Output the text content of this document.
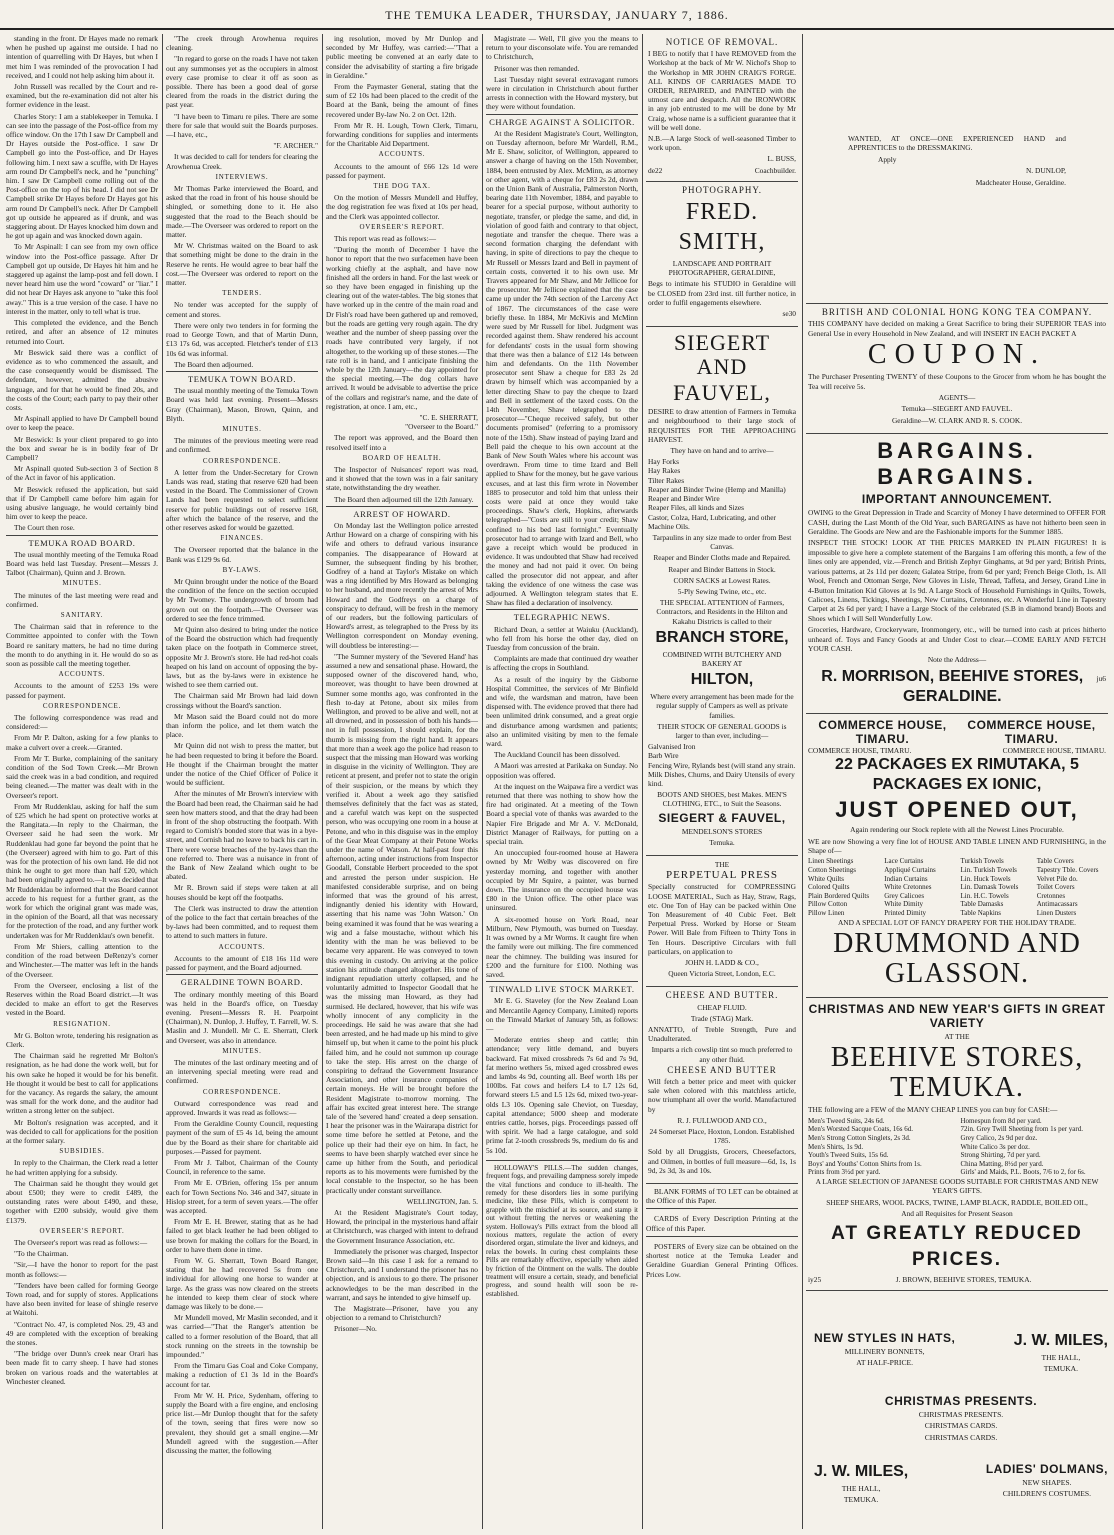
THE TEMUKA LEADER, THURSDAY, JANUARY 7, 1886.

standing in the front. Dr Hayes made no remark when he pushed up against me outside. I had no intention of quarrelling with Dr Hayes, but when I met him I was reminded of the provocation I had received, and I could not help asking him about it.

John Russell was recalled by the Court and re-examined, but the re-examination did not alter his former evidence in the least.

Charles Story: I am a stablekeeper in Temuka. I can see into the passage of the Post-office from my office window. On the 17th I saw Dr Campbell and Dr Hayes outside the Post-office. I saw Dr Campbell go into the Post-office, and Dr Hayes following him. I next saw a scuffle, with Dr Hayes arm round Dr Campbell's neck, and he "punching" him. I saw Dr Campbell come rolling out of the Post-office on the top of his head. I did not see Dr Campbell strike Dr Hayes before Dr Hayes got his arm round Dr Campbell's neck. After Dr Campbell got up outside he appeared as if drunk, and was staggering about. Dr Hayes knocked him down and he got up again and was knocked down again.

To Mr Aspinall: I can see from my own office window into the Post-office passage. After Dr Campbell got up outside, Dr Hayes hit him and he staggered up against the lamp-post and fell down. I never heard him use the word "coward" or "liar." I did not hear Dr Hayes ask anyone to "take this fool away." This is a true version of the case. I have no interest in the matter, only to tell what is true.

This completed the evidence, and the Bench retired, and after an absence of 12 minutes returned into Court.

Mr Beswick said there was a conflict of evidence as to who commenced the assault, and the case consequently would be dismissed. The defendant, however, admitted the abusive language, and for that he would be fined 20s, and the costs of the Court; each party to pay their other costs.

Mr Aspinall applied to have Dr Campbell bound over to keep the peace.

Mr Beswick: Is your client prepared to go into the box and swear he is in bodily fear of Dr Campbell?

Mr Aspinall quoted Sub-section 3 of Section 8 of the Act in favor of his application.

Mr Beswick refused the application, but said that if Dr Campbell came before him again for using abusive language, he would certainly bind him over to keep the peace.

The Court then rose.

TEMUKA ROAD BOARD.

The usual monthly meeting of the Temuka Road Board was held last Tuesday. Present—Messrs J. Talbot (Chairman), Quinn and J. Brown.

MINUTES.

The minutes of the last meeting were read and confirmed.

SANITARY.

The Chairman said that in reference to the Committee appointed to confer with the Town Board re sanitary matters, he had no time during the month to do anything in it. He would do so as soon as possible call the meeting together.

ACCOUNTS.

Accounts to the amount of £253 19s were passed for payment.

CORRESPONDENCE.

The following correspondence was read and considered:—

From Mr P. Dalton, asking for a few planks to make a culvert over a creek.—Granted.

From Mr T. Burke, complaining of the sanitary condition of the Sod Town Creek.—Mr Brown said the creek was in a bad condition, and required being cleaned.—The matter was dealt with in the Overseer's report.

From Mr Ruddenklau, asking for half the sum of £25 which he had spent on protective works at the Rangitata.—In reply to the Chairman, the Overseer said he had seen the work. Mr Ruddenklau had gone far beyond the point that he (the Overseer) agreed with him to go. Part of this was for the protection of his own land. He did not think he ought to get more than half £20, which had been originally agreed to.—It was decided that Mr Ruddenklau be informed that the Board cannot accede to his request for a further grant, as the work for which the original grant was made was, in the opinion of the Board, all that was necessary for the protection of the road, and any further work undertaken was for Mr Ruddenklau's own benefit.

From Mr Shiers, calling attention to the condition of the road between DeRenzy's corner and Winchester.—The matter was left in the hands of the Overseer.

From the Overseer, enclosing a list of the Reserves within the Road Board district.—It was decided to make an effort to get the Reserves vested in the Board.

RESIGNATION.

Mr G. Bolton wrote, tendering his resignation as Clerk.

The Chairman said he regretted Mr Bolton's resignation, as he had done the work well, but for his own sake he hoped it would be for his benefit. He thought it would be best to call for applications for the vacancy. As regards the salary, the amount was small for the work done, and the auditor had written a strong letter on the subject.

Mr Bolton's resignation was accepted, and it was decided to call for applications for the position at the former salary.

SUBSIDIES.

In reply to the Chairman, the Clerk read a letter he had written applying for a subsidy.

The Chairman said he thought they would get about £500; they were to credit £489, the outstanding rates were about £490, and these, together with £200 subsidy, would give them £1379.

OVERSEER'S REPORT.

The Overseer's report was read as follows:—

"To the Chairman.

"Sir,—I have the honor to report for the past month as follows:—

"Tenders have been called for forming George Town road, and for supply of stores. Applications have also been invited for lease of shingle reserve at Waitohi.

"Contract No. 47, is completed Nos. 29, 43 and 49 are completed with the exception of breaking the stones.

"The bridge over Dunn's creek near Orari has been made fit to carry sheep. I have had stones broken on various roads and the watertables at Winchester cleaned.

"The creek through Arowhenua requires cleaning.

"In regard to gorse on the roads I have not taken out any summonses yet as the occupiers in almost every case promise to clear it off as soon as possible. There has been a good deal of gorse cleared from the roads in the district during the past year.

"I have been to Timaru re piles. There are some there for sale that would suit the Boards purposes.—I have, etc.,

"F. ARCHER."

It was decided to call for tenders for clearing the Arowhenua Creek.

INTERVIEWS.

Mr Thomas Parke interviewed the Board, and asked that the road in front of his house should be shingled, or something done to it. He also suggested that the road to the Beach should be made.—The Overseer was ordered to report on the matter.

Mr W. Christmas waited on the Board to ask that something might be done to the drain in the Reserve he rents. He would agree to bear half the cost.—The Overseer was ordered to report on the matter.

TENDERS.

No tender was accepted for the supply of cement and stores.

There were only two tenders in for forming the road to George Town, and that of Martin Dunn, £13 17s 6d, was accepted. Fletcher's tender of £13 10s 6d was informal.

The Board then adjourned.

TEMUKA TOWN BOARD.

The usual monthly meeting of the Temuka Town Board was held last evening. Present—Messrs Gray (Chairman), Mason, Brown, Quinn, and Blyth.

MINUTES.

The minutes of the previous meeting were read and confirmed.

CORRESPONDENCE.

A letter from the Under-Secretary for Crown Lands was read, stating that reserve 620 had been vested in the Board. The Commissioner of Crown Lands had been requested to select sufficient reserve for public buildings out of reserve 168, after which the balance of the reserve, and the other reserves asked for would be gazetted.

FINANCES.

The Overseer reported that the balance in the Bank was £129 9s 6d.

BY-LAWS.

Mr Quinn brought under the notice of the Board the condition of the fence on the section occupied by Mr Twomey. The undergrowth of broom had grown out on the footpath.—The Overseer was ordered to see the fence trimmed.

Mr Quinn also desired to bring under the notice of the Board the obstruction which had frequently taken place on the footpath in Commerce street, opposite Mr J. Brown's store. He had red-hot coals heaped on his land on account of opposing the by-laws, but as the by-laws were in existence he wished to see them carried out.

The Chairman said Mr Brown had laid down crossings without the Board's sanction.

Mr Mason said the Board could not do more than inform the police, and let them watch the place.

Mr Quinn did not wish to press the matter, but he had been requested to bring it before the Board. He thought if the Chairman brought the matter under the notice of the Chief Officer of Police it would be sufficient.

After the minutes of Mr Brown's interview with the Board had been read, the Chairman said he had seen how matters stood, and that the dray had been in front of the shop obstructing the footpath. With regard to Cornish's bonded store that was in a bye-street, and Cornish had no leave to back his cart in. There were worse breaches of the by-laws than the one referred to. There was a nuisance in front of the Bank of New Zealand which ought to be abated.

Mr R. Brown said if steps were taken at all houses should be kept off the footpaths.

The Clerk was instructed to draw the attention of the police to the fact that certain breaches of the by-laws had been committed, and to request them to attend to such matters in future.

ACCOUNTS.

Accounts to the amount of £18 16s 11d were passed for payment, and the Board adjourned.

GERALDINE TOWN BOARD.

The ordinary monthly meeting of this Board was held in the Board's office, on Tuesday evening. Present—Messrs R. H. Pearpoint (Chairman), N. Dunlop, J. Huffey, T. Farrell, W. S. Maslin and J. Mundell. Mr C. E. Sherratt, Clerk and Overseer, was also in attendance.

MINUTES.

The minutes of the last ordinary meeting and of an intervening special meeting were read and confirmed.

CORRESPONDENCE.

Outward correspondence was read and approved. Inwards it was read as follows:—

From the Geraldine County Council, requesting payment of the sum of £5 4s 1d, being the amount due by the Board as their share for charitable aid purposes.—Passed for payment.

From Mr J. Talbot, Chairman of the County Council, in reference to the same.

From Mr E. O'Brien, offering 15s per annum each for Town Sections No. 346 and 347, situate in Hislop street, for a term of seven years.—The offer was accepted.

From Mr E. H. Brewer, stating that as he had failed to get black leather he had been obliged to use brown for making the collars for the Board, in order to have them done in time.

From W. G. Sherratt, Town Board Ranger, stating that he had recovered 5s from one individual for allowing one horse to wander at large. As the grass was now cleared on the streets he intended to keep them clear of stock where damage was likely to be done.—

Mr Mundell moved, Mr Maslin seconded, and it was carried—"That the Ranger's attention be called to a former resolution of the Board, that all stock running on the streets in the township be impounded."

From the Timaru Gas Coal and Coke Company, making a reduction of £1 3s 1d in the Board's account for tar.

From Mr W. H. Price, Sydenham, offering to supply the Board with a fire engine, and enclosing price list.—Mr Dunlop thought that for the safety of the town, seeing that fires were now so prevalent, they should get a small engine.—Mr Mundell agreed with the suggestion.—After discussing the matter, the following

ing resolution, moved by Mr Dunlop and seconded by Mr Huffey, was carried:—"That a public meeting be convened at an early date to consider the advisability of starting a fire brigade in Geraldine."

From the Paymaster General, stating that the sum of £2 10s had been placed to the credit of the Board at the Bank, being the amount of fines recovered under By-law No. 2 on Oct. 12th.

From Mr R. H. Lough, Town Clerk, Timaru, forwarding conditions for supplies and interments for the Charitable Aid Department.

ACCOUNTS.

Accounts to the amount of £66 12s 1d were passed for payment.

THE DOG TAX.

On the motion of Messrs Mundell and Huffey, the dog registration fee was fixed at 10s per head, and the Clerk was appointed collector.

OVERSEER'S REPORT.

This report was read as follows:—

"During the month of December I have the honor to report that the two surfacemen have been working chiefly at the asphalt, and have now finished all the orders in hand. For the last week or so they have been engaged in finishing up the clearing out of the water-tables. The big stones that have worked up in the centre of the main road and Dr Fish's road have been gathered up and removed, but the roads are getting very rough again. The dry weather and the number of sheep passing over the roads have contributed very largely, if not altogether, to the working up of these stones.—The rate roll is in hand, and I anticipate finishing the whole by the 12th January—the day appointed for the special meeting.—The dog collars have arrived. It would be advisable to advertise the price of the collars and registrar's name, and the date of registration, at once. I am, etc.,

"C. E. SHERRATT,
"Overseer to the Board."

The report was approved, and the Board then resolved itself into a

BOARD OF HEALTH.

The Inspector of Nuisances' report was read, and it showed that the town was in a fair sanitary state, notwithstanding the dry weather.

The Board then adjourned till the 12th January.

ARREST OF HOWARD.

On Monday last the Wellington police arrested Arthur Howard on a charge of conspiring with his wife and others to defraud various insurance companies. The disappearance of Howard at Sumner, the subsequent finding by his brother, Godfrey of a hand at Taylor's Mistake on which was a ring identified by Mrs Howard as belonging to her husband, and more recently the arrest of Mrs Howard and the Godfreys on a charge of conspiracy to defraud, will be fresh in the memory of our readers, but the following particulars of Howard's arrest, as telegraphed to the Press by its Wellington correspondent on Monday evening, will doubtless be interesting:—

"The Sumner mystery of the 'Severed Hand' has assumed a new and sensational phase. Howard, the supposed owner of the discovered hand, who, moreover, was thought to have been drowned at Sumner some months ago, was confronted in the flesh to-day at Petone, about six miles from Wellington, and proved to be alive and well, not at all drowned, and in possession of both his hands—not in full possession, I should explain, for the thumb is missing from the right hand. It appears that more than a week ago the police had reason to suspect that the missing man Howard was working in disguise in the vicinity of Wellington. They are reticent at present, and prefer not to state the origin of their suspicion, or the means by which they verified it. About a week ago they satisfied themselves definitely that the fact was as stated, and a careful watch was kept on the suspected person, who was occupying one room in a house at Petone, and who in this disguise was in the employ of the Gear Meat Company at their Petone Works under the name of Watson. At half-past four this afternoon, acting under instructions from Inspector Goodall, Constable Herbert proceeded to the spot and arrested the person under suspicion. He manifested considerable surprise, and on being informed that was the ground of his arrest, indignantly denied his identity with Howard, asserting that his name was 'John Watson.' On being examined it was found that he was wearing a wig and a false moustache, without which his identity with the man he was believed to be became very apparent. He was conveyed to town this evening in custody. On arriving at the police station his attitude changed altogether. His tone of indignant repudiation utterly collapsed, and he voluntarily admitted to Inspector Goodall that he was the missing man Howard, as they had surmised. He declared, however, that his wife was wholly innocent of any complicity in the proceedings. He said he was aware that she had been arrested, and he had made up his mind to give himself up, but when it came to the point his pluck failed him, and he could not summon up courage to take the step. His arrest on the charge of conspiring to defraud the Government Insurance Association, and other insurance companies of certain moneys. He will be brought before the Resident Magistrate to-morrow morning. The affair has excited great interest here. The strange tale of the 'severed hand' created a deep sensation. I hear the prisoner was in the Wairarapa district for some time before he settled at Petone, and the police up their had their eye on him. In fact, he seems to have been sharply watched ever since he came up hither from the South, and periodical reports as to his movements were furnished by the local constable to the Inspector, so he has been practically under constant surveillance.

WELLINGTON, Jan. 5.

At the Resident Magistrate's Court today, Howard, the principal in the mysterious hand affair at Christchurch, was charged with intent to defraud the Government Insurance Association, etc.

Immediately the prisoner was charged, Inspector Brown said—In this case I ask for a remand to Christchurch, and I understand the prisoner has no objection, and is anxious to go there. The prisoner acknowledges to be the man described in the warrant, and says he intended to give himself up.

The Magistrate—Prisoner, have you any objection to a remand to Christchurch?

Prisoner—No.

Magistrate — Well, I'll give you the means to return to your disconsolate wife. You are remanded to Christchurch,

Prisoner was then remanded.

Last Tuesday night several extravagant rumors were in circulation in Christchurch about further arrests in connection with the Howard mystery, but they were without foundation.

CHARGE AGAINST A SOLICITOR.

At the Resident Magistrate's Court, Wellington, on Tuesday afternoon, before Mr Wardell, R.M., Mr E. Shaw, solicitor, of Wellington, appeared to answer a charge of having on the 15th November, 1884, been entrusted by Alex. McMinn, as attorney or other agent, with a cheque for £83 2s 2d, drawn on the Union Bank of Australia, Palmerston North, bearing date 11th November, 1884, and payable to bearer for a special purpose, without authority to negotiate, transfer, or pledge the same, and did, in violation of good faith and contrary to that object, negotiate and transfer the cheque. There was a second formation charging the defendant with having, in spite of directions to pay the cheque to Mr Russell or Messrs Izard and Bell in payment of certain costs, converted it to his own use. Mr Travers appeared for Mr Shaw, and Mr Jellicoe for the prosecutor. Mr Jellicoe explained that the case came up under the 74th section of the Larceny Act of 1867. The circumstances of the case were briefly these. In 1884, Mr McKivis and McMinn were sued by Mr Russell for libel. Judgment was recorded against them. Shaw rendered his account for defendants' costs in the usual form showing that there was then a balance of £12 14s between him and defendants. On the 11th November prosecutor sent Shaw a cheque for £83 2s 2d drawn by himself which was accompanied by a letter directing Shaw to pay the cheque to Izard and Bell in settlement of the taxed costs. On the 14th November, Shaw telegraphed to the prosecutor—"Cheque received safely, but other documents promised" (referring to a promissory note of the 15th). Shaw instead of paying Izard and Bell paid the cheque to his own account at the Bank of New South Wales where his account was overdrawn. From time to time Izard and Bell applied to Shaw for the money, but he gave various excuses, and at last this firm wrote in November 1885 to prosecutor and told him that unless their costs were paid at once they would take proceedings. Shaw's clerk, Hopkins, afterwards telegraphed—"Costs are still to your credit; Shaw confined to his bed last fortnight." Eventually prosecutor had to arrange with Izard and Bell, who gave a receipt which would be produced in evidence. It was undoubted that Shaw had received the money and had not paid it over. On being called the prosecutor did not appear, and after taking the evidence of one witness the case was adjourned. A Wellington telegram states that E. Shaw has filed a declaration of insolvency.

TELEGRAPHIC NEWS.

Richard Dean, a settler at Waiuku (Auckland), who fell from his horse the other day, died on Tuesday from concussion of the brain.

Complaints are made that continued dry weather is affecting the crops in Southland.

As a result of the inquiry by the Gisborne Hospital Committee, the services of Mr Binfield and wife, the wardsman and matron, have been dispensed with. The evidence proved that there had been unlimited drink consumed, and a great orgie and disturbance among wardsmen and patients; also an unlimited visiting by men to the female ward.

The Auckland Council has been dissolved.

A Maori was arrested at Parikaka on Sunday. No opposition was offered.

At the inquest on the Waipawa fire a verdict was returned that there was nothing to show how the fire had originated. At a meeting of the Town Board a special vote of thanks was awarded to the Napier Fire Brigade and Mr A. V. McDonald, District Manager of Railways, for putting on a special train.

An unoccupied four-roomed house at Hawera owned by Mr Welby was discovered on fire yesterday morning, and together with another occupied by Mr Squire, a painter, was burned down. The insurance on the occupied house was £80 in the Union office. The other place was uninsured.

A six-roomed house on York Road, near Milburn, New Plymouth, was burned on Tuesday. It was owned by a Mr Worms. It caught fire when the family were out milking. The fire commenced near the chimney. The building was insured for £200 and the furniture for £100. Nothing was saved.

TINWALD LIVE STOCK MARKET.

Mr E. G. Staveley (for the New Zealand Loan and Mercantile Agency Company, Limited) reports on the Tinwald Market of January 5th, as follows:—

Moderate entries sheep and cattle; thin attendance; very little demand, and buyers backward. Fat mixed crossbreds 7s 6d and 7s 9d, fat merino wethers 5s, mixed aged crossbred ewes and lambs 4s 9d, counting all. Beef worth 18s per 100lbs. Fat cows and heifers L4 to L7 12s 6d, forward steers L5 and L5 12s 6d, mixed two-year-olds L3 10s. Opening sale Cheviot, on Tuesday, capital attendance; 5000 sheep and moderate entries cattle, horses, pigs. Proceedings passed off with spirit. We had a large catalogue, and sold prime fat 2-tooth crossbreds 9s, medium do 6s and 5s 10d.

HOLLOWAY'S PILLS.—The sudden changes, frequent fogs, and prevailing dampness sorely impede the vital functions and conduce to ill-health. The remedy for these disorders lies in some purifying medicine, like these Pills, which is competent to grapple with the mischief at its source, and stamp it out without fretting the nerves or weakening the system. Holloway's Pills extract from the blood all noxious matters, regulate the action of every disordered organ, stimulate the liver and kidneys, and relax the bowels. In curing chest complaints these Pills are remarkably effective, especially when aided by friction of the Ointment on the walls. The double treatment will ensure a certain, steady, and beneficial progress, and sound health will soon be re-established.

NOTICE OF REMOVAL.

I BEG to notify that I have REMOVED from the Workshop at the back of Mr W. Nichol's Shop to the Workshop in MR JOHN CRAIG'S FORGE. ALL KINDS OF CARRIAGES MADE TO ORDER, REPAIRED, and PAINTED with the utmost care and despatch. All the IRONWORK in any job entrusted to me will be done by Mr Craig, whose name is a sufficient guarantee that it will be well done.

N.B.—A large Stock of well-seasoned Timber to work upon.

L. BUSS,

de22	Coachbuilder.

PHOTOGRAPHY.

FRED. SMITH,

LANDSCAPE AND PORTRAIT PHOTOGRAPHER, GERALDINE,

Begs to intimate his STUDIO in Geraldine will be CLOSED from 23rd inst. till further notice, in order to fulfil engagements elsewhere.

se30

SIEGERT AND

FAUVEL,

DESIRE to draw attention of Farmers in Temuka and neighbourhood to their large stock of REQUISITES FOR THE APPROACHING HARVEST.

They have on hand and to arrive—

Hay Forks
Hay Rakes
Tilter Rakes
Reaper and Binder Twine (Hemp and Manilla)
Reaper and Binder Wire
Reaper Files, all kinds and Sizes
Castor, Colza, Hard, Lubricating, and other Machine Oils.

Tarpaulins in any size made to order from Best Canvas.

Reaper and Binder Cloths made and Repaired.

Reaper and Binder Battens in Stock.

CORN SACKS at Lowest Rates.

5-Ply Sewing Twine, etc., etc.

THE SPECIAL ATTENTION of Farmers, Contractors, and Residents in the Hilton and Kakahu Districts is called to their

BRANCH STORE,

COMBINED WITH BUTCHERY AND BAKERY AT

HILTON,

Where every arrangement has been made for the regular supply of Campers as well as private families.

THEIR STOCK OF GENERAL GOODS is larger to than ever, including—

Galvanised Iron
Barb Wire
Fencing Wire, Rylands best (will stand any strain.
Milk Dishes, Churns, and Dairy Utensils of every kind.

BOOTS AND SHOES, best Makes. MEN'S CLOTHING, ETC., to Suit the Seasons.

SIEGERT & FAUVEL,

MENDELSON'S STORES

Temuka.

THE

PERPETUAL PRESS

Specially constructed for COMPRESSING LOOSE MATERIAL, Such as Hay, Straw, Rags, etc. One Ton of Hay can be packed within One Ton Measurement of 40 Cubic Feet. Belt Perpetual Press. Worked by Horse or Steam Power. Will Bale from Fifteen to Thirty Tons in Ten Hours. Descriptive Circulars with full particulars, on application to

JOHN H. LADD & CO.,

Queen Victoria Street, London, E.C.

CHEESE AND BUTTER.

CHEAP FLUID.

Trade (STAG) Mark.

ANNATTO, of Treble Strength, Pure and Unadulterated.

Imparts a rich cowslip tint so much preferred to any other fluid.

CHEESE AND BUTTER

Will fetch a better price and meet with quicker sale when colored with this matchless article, now triumphant all over the world. Manufactured by

R. J. FULLWOOD AND CO.,

24 Somerset Place, Hoxton, London. Established 1785.

Sold by all Druggists, Grocers, Cheesefactors, and Oilmen, in bottles of full measure—6d, 1s, 1s 9d, 2s 3d, 3s and 10s.

BLANK FORMS of TO LET can be obtained at the Office of this Paper.

CARDS of Every Description Printing at the Office of this Paper.

POSTERS of Every size can be obtained on the shortest notice at the Temuka Leader and Geraldine Guardian General Printing Offices. Prices Low.

WANTED, AT ONCE—ONE EXPERIENCED HAND and APPRENTICES to the DRESSMAKING.

Apply

N. DUNLOP,

Madcheater House, Geraldine.

BRITISH AND COLONIAL HONG KONG TEA COMPANY.

THIS COMPANY have decided on making a Great Sacrifice to bring their SUPERIOR TEAS into General Use in every Household in New Zealand, and will INSERT IN EACH PACKET A

COUPON.

The Purchaser Presenting TWENTY of these Coupons to the Grocer from whom he has bought the Tea will receive 5s.

AGENTS—

Temuka—SIEGERT AND FAUVEL.

Geraldine—W. CLARK AND R. S. COOK.

BARGAINS. BARGAINS.

IMPORTANT ANNOUNCEMENT.

OWING to the Great Depression in Trade and Scarcity of Money I have determined to OFFER FOR CASH, during the Last Month of the Old Year, such BARGAINS as have not hitherto been seen in Geraldine. The Goods are New and are the Fashionable imports for the Summer 1885.

INSPECT THE STOCK! LOOK AT THE PRICES MARKED IN PLAIN FIGURES! It is impossible to give here a complete statement of the Bargains I am offering this month, a few of the lines only are appended, viz.—French and British Zephyr Ginghams, at 9d per yard; British Prints, various patterns, at 2s 11d per dozen; Galatea Stripe, from 6d per yard; French Beige Cloth, 1s. All Wool, French and Ottoman Serge, New Gloves in Lisle, Thread, Taffeta, and Jersey, Grand Line in 4-Button Imitation Kid Gloves at 1s 9d. A Large Stock of Household Furnishings in Quilts, Towels, Calicoes, Linens, Tickings, Sheetings, New Curtains, Cretonnes, etc. A Wonderful Line in Tapestry Carpet at 2s 6d per yard; I have a Large Stock of the celebrated (S.B in diamond brand) Boots and Shoes which I will Sell Wonderfully Low.

Groceries, Hardware, Crockeryware, Ironmongery, etc., will be turned into cash at prices hitherto unheard of. Toys and Fancy Goods at and Under Cost to clear.—COME EARLY AND FETCH YOUR CASH.

Note the Address—

R. MORRISON, BEEHIVE STORES, GERALDINE.
ju6
COMMERCE HOUSE, TIMARU.
COMMERCE HOUSE, TIMARU.
COMMERCE HOUSE, TIMARU.	COMMERCE HOUSE, TIMARU.

22 PACKAGES EX RIMUTAKA, 5 PACKAGES EX IONIC,

JUST OPENED OUT,

Again rendering our Stock replete with all the Newest Lines Procurable.

WE are now Showing a very fine lot of HOUSE AND TABLE LINEN AND FURNISHING, in the Shape of—

Linen Sheetings
Cotton Sheetings
White Quilts
Colored Quilts
Plain Bordered Quilts
Pillow Cotton
Pillow Linen
Lace Curtains
Appliqué Curtains
Indian Curtains
White Cretonnes
Grey Calicoes
White Dimity
Printed Dimity
Turkish Towels
Lin. Turkish Towels
Lin. Huck Towels
Lin. Damask Towels
Lin. H.C. Towels
Table Damasks
Table Napkins
Table Covers
Tapestry Tble. Covers
Velvet Pile do.
Toilet Covers
Cretonnes
Antimacassars
Linen Dusters

AND A SPECIAL LOT OF FANCY DRAPERY FOR THE HOLIDAY TRADE.

DRUMMOND AND GLASSON.

CHRISTMAS AND NEW YEAR'S GIFTS IN GREAT VARIETY

AT THE

BEEHIVE STORES, TEMUKA.

THE following are a FEW of the MANY CHEAP LINES you can buy for CASH:—

Men's Tweed Suits, 24s 6d.
Men's Worsted Sacque Coats, 16s 6d.
Men's Strong Cotton Singlets, 2s 3d.
Men's Shirts, 1s 9d.
Youth's Tweed Suits, 15s 6d.
Boys' and Youths' Cotton Shirts from 1s.
Prints from 3½d per yard.
Homespun from 8d per yard.
72in. Grey Twill Sheeting from 1s per yard.
Grey Calico, 2s 9d per doz.
White Calico 3s per doz.
Strong Shirting, 7d per yard.
China Matting, 8½d per yard.
Girls' and Maids, P.L. Boots, 7/6 to 2, for 6s.

A LARGE SELECTION OF JAPANESE GOODS SUITABLE FOR CHRISTMAS AND NEW YEAR'S GIFTS.

SHEEP SHEARS, WOOL PACKS, TWINE, LAMP BLACK, RADDLE, BOILED OIL,

And all Requisites for Present Season

AT GREATLY REDUCED PRICES.

iy25	J. BROWN, BEEHIVE STORES, TEMUKA.

NEW STYLES IN HATS,

MILLINERY BONNETS,

AT HALF-PRICE.

J. W. MILES,

THE HALL,

TEMUKA.

CHRISTMAS PRESENTS.

CHRISTMAS PRESENTS.

CHRISTMAS CARDS.

CHRISTMAS CARDS.

J. W. MILES,

THE HALL,

TEMUKA.

LADIES' DOLMANS,

NEW SHAPES.

CHILDREN'S COSTUMES.
